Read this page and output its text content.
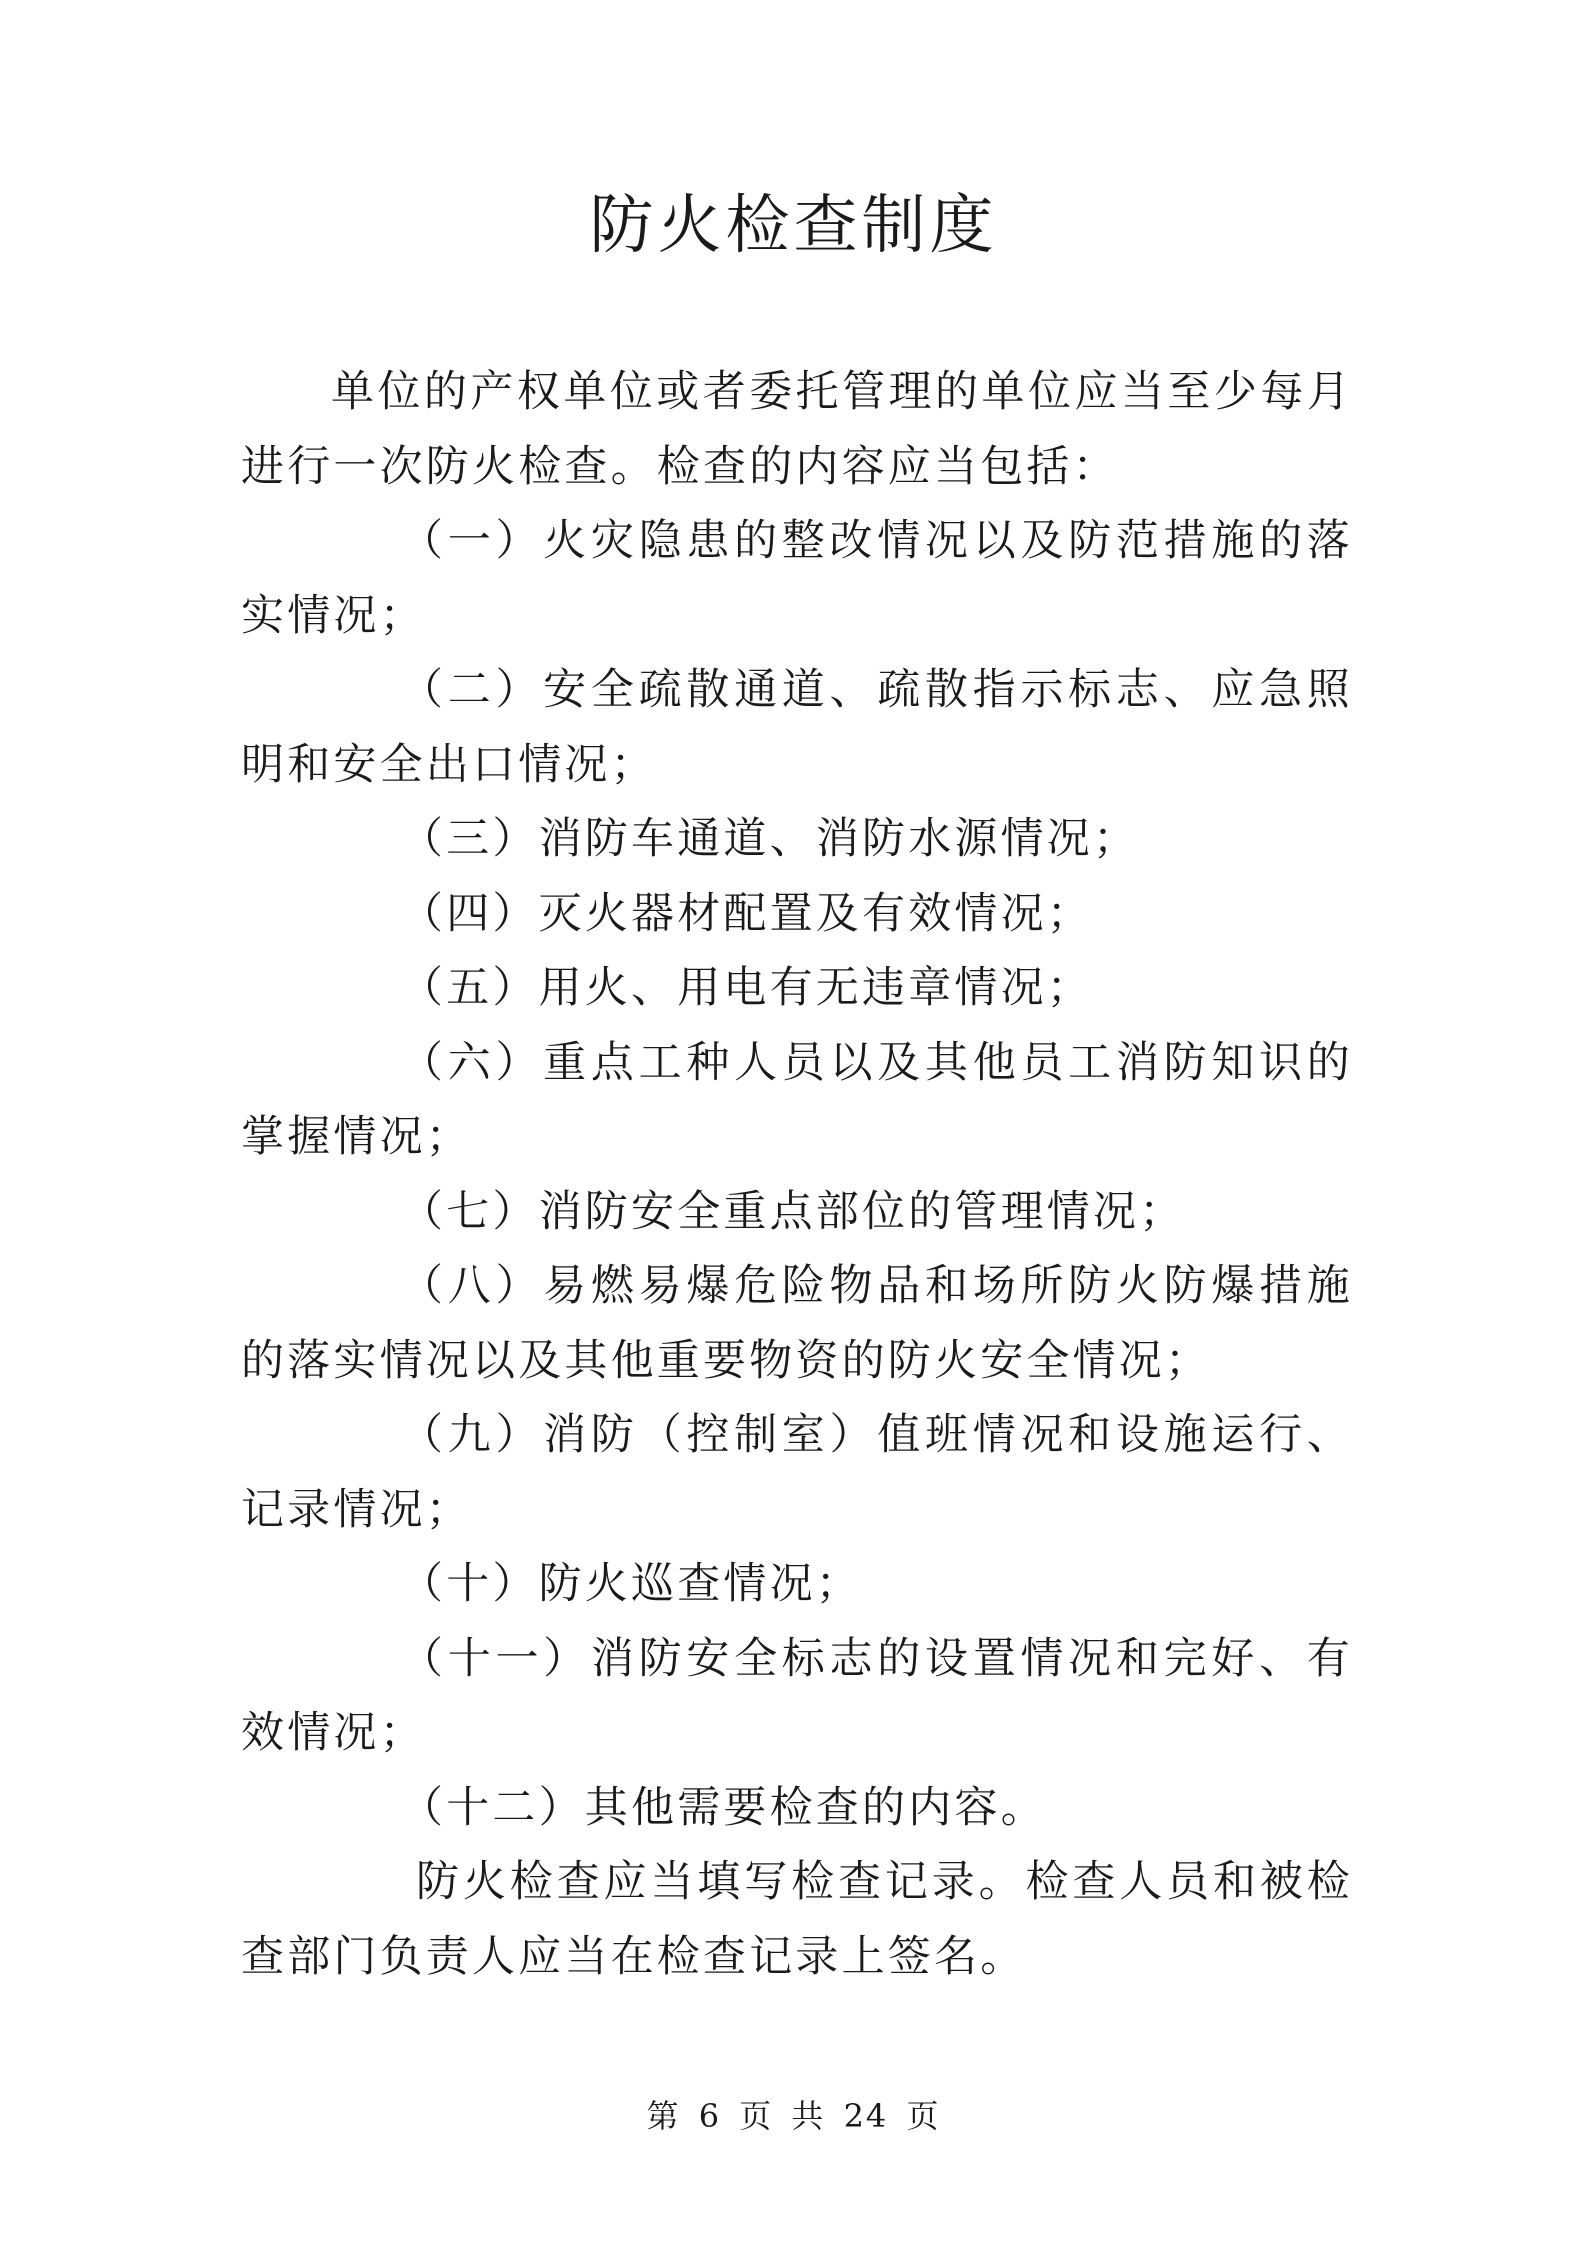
防火检查制度

单位的产权单位或者委托管理的单位应当至少每月进行一次防火检查。检查的内容应当包括：

（一）火灾隐患的整改情况以及防范措施的落实情况；

（二）安全疏散通道、疏散指示标志、应急照明和安全出口情况；

（三）消防车通道、消防水源情况；

（四）灭火器材配置及有效情况；

（五）用火、用电有无违章情况；

（六）重点工种人员以及其他员工消防知识的掌握情况；

（七）消防安全重点部位的管理情况；

（八）易燃易爆危险物品和场所防火防爆措施的落实情况以及其他重要物资的防火安全情况；

（九）消防（控制室）值班情况和设施运行、记录情况；

（十）防火巡查情况；

（十一）消防安全标志的设置情况和完好、有效情况；

（十二）其他需要检查的内容。

防火检查应当填写检查记录。检查人员和被检查部门负责人应当在检查记录上签名。

第 6 页 共 24 页
